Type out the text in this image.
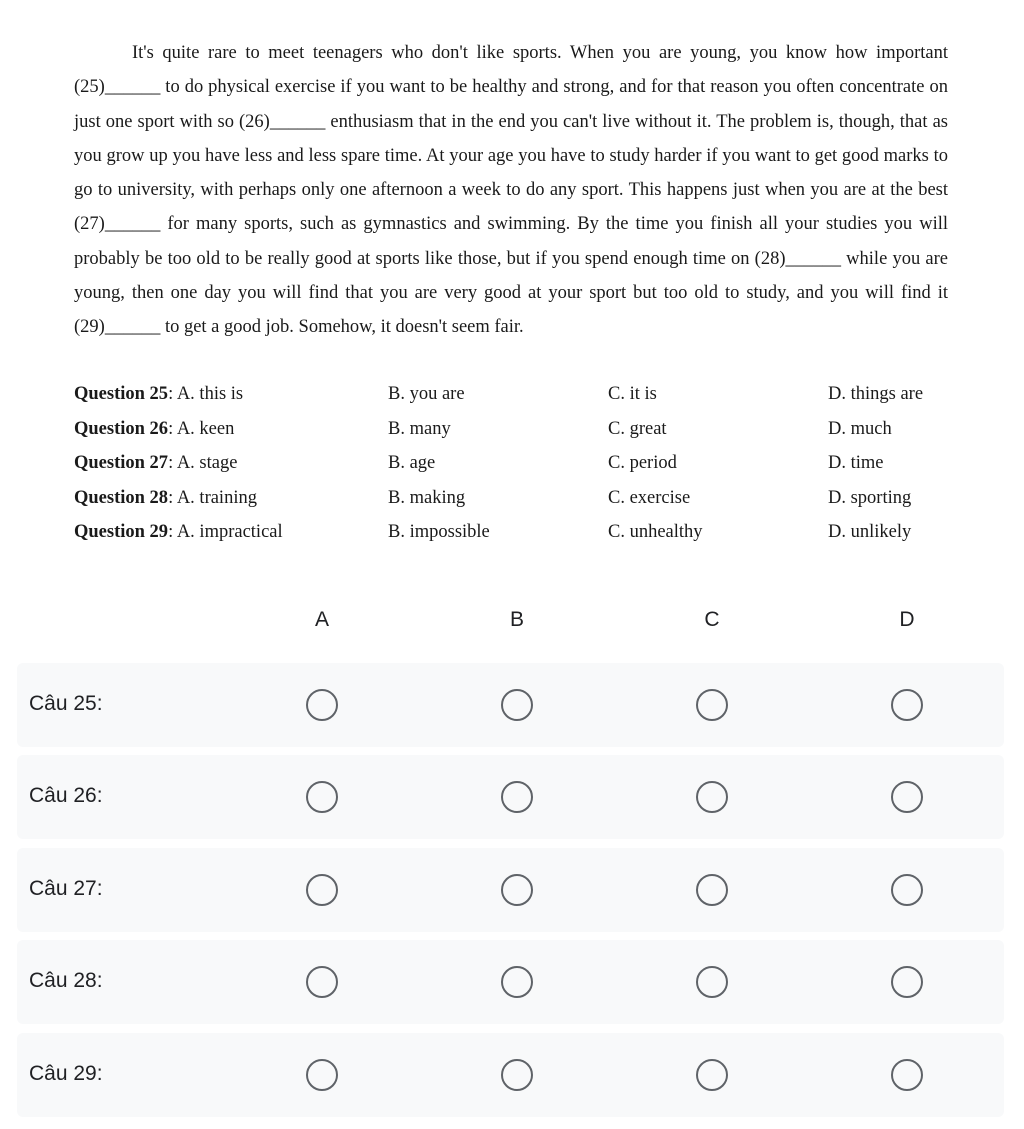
It's quite rare to meet teenagers who don't like sports. When you are young, you know how important (25)______ to do physical exercise if you want to be healthy and strong, and for that reason you often concentrate on just one sport with so (26)______ enthusiasm that in the end you can't live without it. The problem is, though, that as you grow up you have less and less spare time. At your age you have to study harder if you want to get good marks to go to university, with perhaps only one afternoon a week to do any sport. This happens just when you are at the best (27)______ for many sports, such as gymnastics and swimming. By the time you finish all your studies you will probably be too old to be really good at sports like those, but if you spend enough time on (28)______ while you are young, then one day you will find that you are very good at your sport but too old to study, and you will find it (29)______ to get a good job. Somehow, it doesn't seem fair.

Question 25: A. this is	B. you are	C. it is	D. things are
Question 26: A. keen	B. many	C. great	D. much
Question 27: A. stage	B. age	C. period	D. time
Question 28: A. training	B. making	C. exercise	D. sporting
Question 29: A. impractical	B. impossible	C. unhealthy	D. unlikely
A	B	C	D
Câu 25:
Câu 26:
Câu 27:
Câu 28:
Câu 29:
